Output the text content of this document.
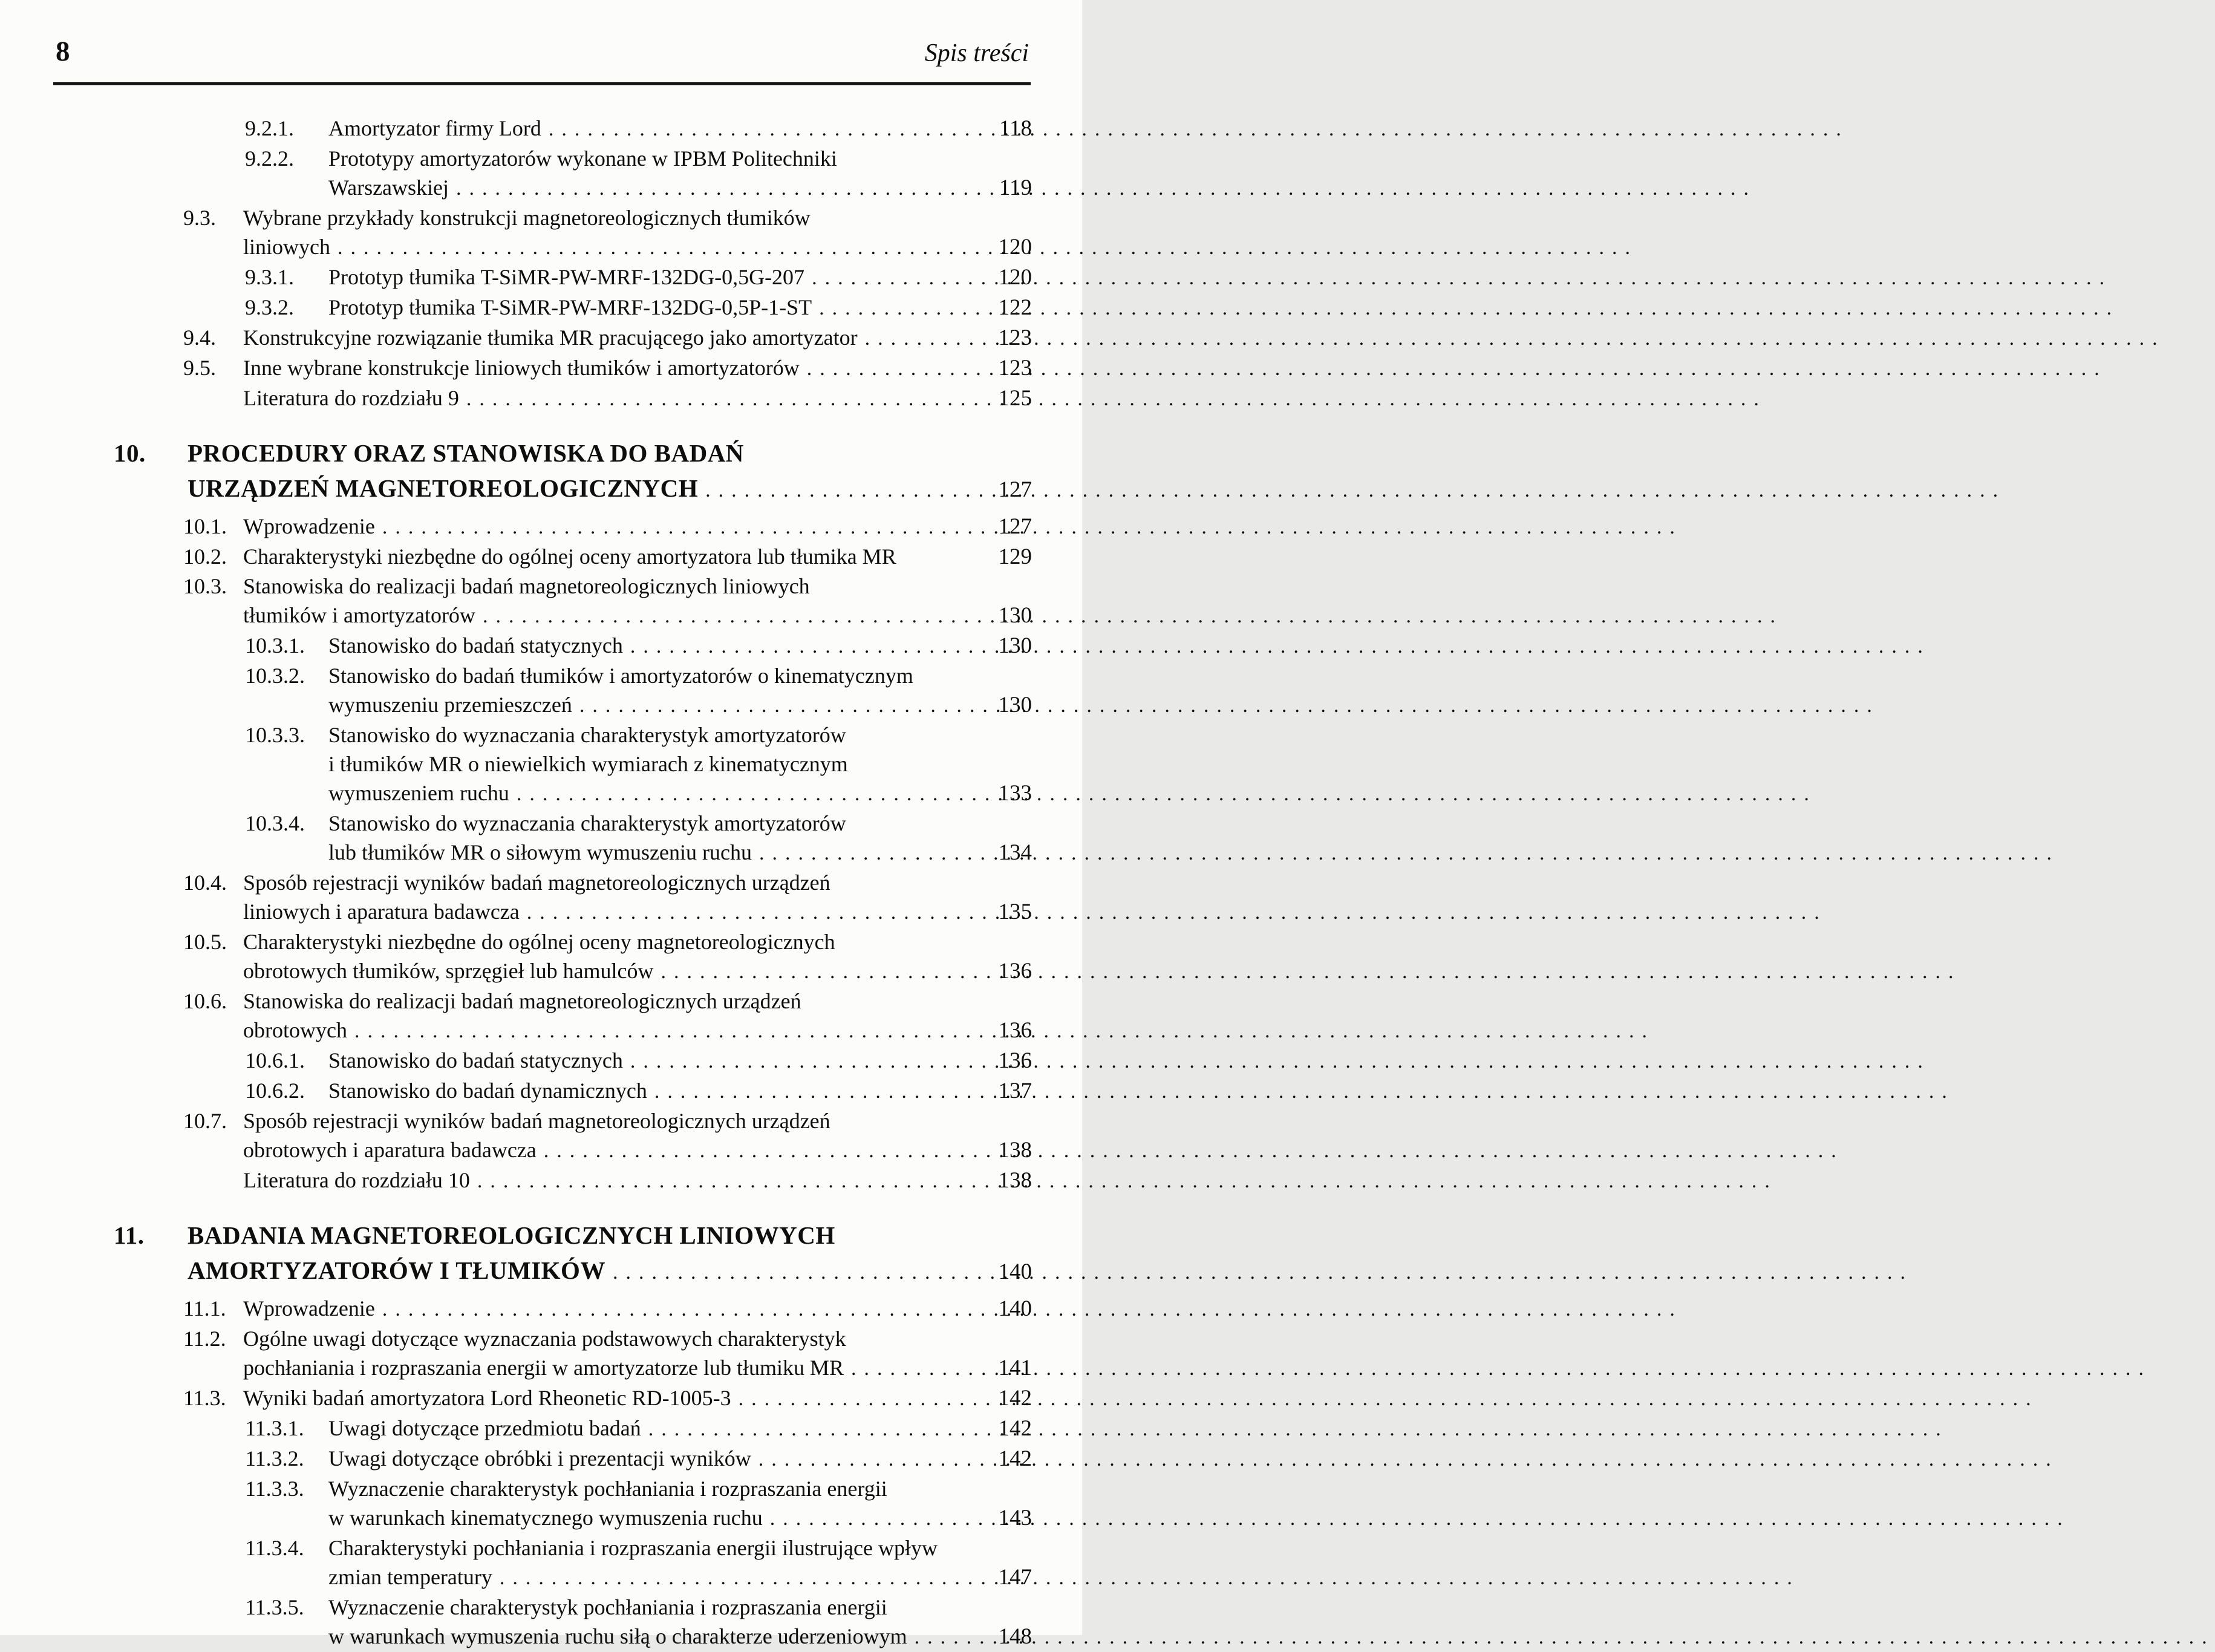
8	Spis treści
9.2.1. Amortyzator firmy Lord .....	118
9.2.2. Prototypy amortyzatorów wykonane w IPBM Politechniki
Warszawskiej .....	119
9.3. Wybrane przykłady konstrukcji magnetoreologicznych tłumików
liniowych .....	120
9.3.1. Prototyp tłumika T-SiMR-PW-MRF-132DG-0,5G-207 .....	120
9.3.2. Prototyp tłumika T-SiMR-PW-MRF-132DG-0,5P-1-ST .....	122
9.4. Konstrukcyjne rozwiązanie tłumika MR pracującego jako amortyzator .....	123
9.5. Inne wybrane konstrukcje liniowych tłumików i amortyzatorów .....	123
Literatura do rozdziału 9 .....	125
10. PROCEDURY ORAZ STANOWISKA DO BADAŃ
URZĄDZEŃ MAGNETOREOLOGICZNYCH .....	127
10.1. Wprowadzenie .....	127
10.2. Charakterystyki niezbędne do ogólnej oceny amortyzatora lub tłumika MR	129
10.3. Stanowiska do realizacji badań magnetoreologicznych liniowych
tłumików i amortyzatorów .....	130
10.3.1. Stanowisko do badań statycznych .....	130
10.3.2. Stanowisko do badań tłumików i amortyzatorów o kinematycznym
wymuszeniu przemieszczeń .....	130
10.3.3. Stanowisko do wyznaczania charakterystyk amortyzatorów
i tłumików MR o niewielkich wymiarach z kinematycznym
wymuszeniem ruchu .....	133
10.3.4. Stanowisko do wyznaczania charakterystyk amortyzatorów
lub tłumików MR o siłowym wymuszeniu ruchu .....	134
10.4. Sposób rejestracji wyników badań magnetoreologicznych urządzeń
liniowych i aparatura badawcza .....	135
10.5. Charakterystyki niezbędne do ogólnej oceny magnetoreologicznych
obrotowych tłumików, sprzęgieł lub hamulców .....	136
10.6. Stanowiska do realizacji badań magnetoreologicznych urządzeń
obrotowych .....	136
10.6.1. Stanowisko do badań statycznych .....	136
10.6.2. Stanowisko do badań dynamicznych .....	137
10.7. Sposób rejestracji wyników badań magnetoreologicznych urządzeń
obrotowych i aparatura badawcza .....	138
Literatura do rozdziału 10 .....	138
11. BADANIA MAGNETOREOLOGICZNYCH LINIOWYCH
AMORTYZATORÓW I TŁUMIKÓW .....	140
11.1. Wprowadzenie .....	140
11.2. Ogólne uwagi dotyczące wyznaczania podstawowych charakterystyk
pochłaniania i rozpraszania energii w amortyzatorze lub tłumiku MR .....	141
11.3. Wyniki badań amortyzatora Lord Rheonetic RD-1005-3 .....	142
11.3.1. Uwagi dotyczące przedmiotu badań .....	142
11.3.2. Uwagi dotyczące obróbki i prezentacji wyników .....	142
11.3.3. Wyznaczenie charakterystyk pochłaniania i rozpraszania energii
w warunkach kinematycznego wymuszenia ruchu .....	143
11.3.4. Charakterystyki pochłaniania i rozpraszania energii ilustrujące wpływ
zmian temperatury .....	147
11.3.5. Wyznaczenie charakterystyk pochłaniania i rozpraszania energii
w warunkach wymuszenia ruchu siłą o charakterze uderzeniowym .....	148
